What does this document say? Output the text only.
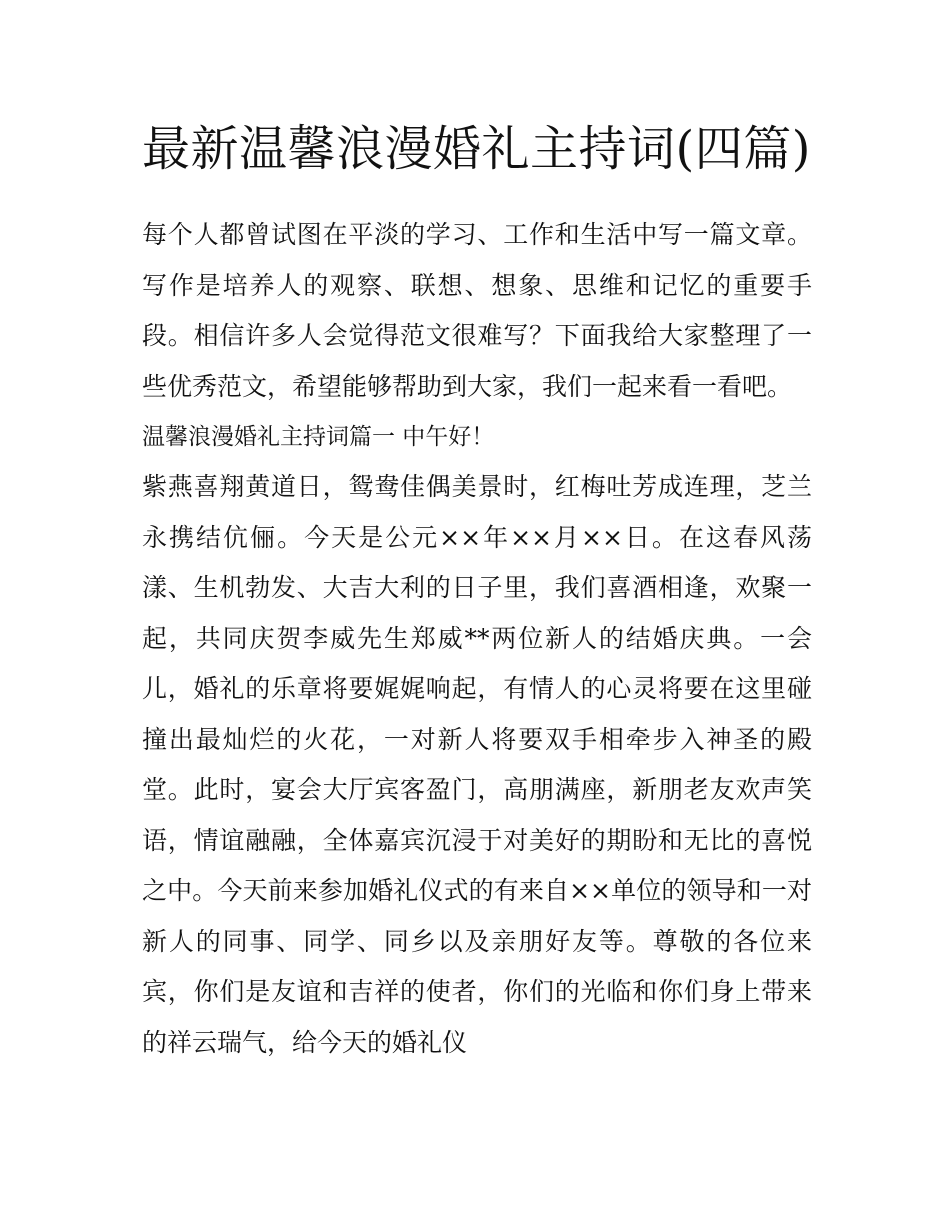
最新温馨浪漫婚礼主持词(四篇)

每个人都曾试图在平淡的学习、工作和生活中写一篇文章。写作是培养人的观察、联想、想象、思维和记忆的重要手段。相信许多人会觉得范文很难写？下面我给大家整理了一些优秀范文，希望能够帮助到大家，我们一起来看一看吧。

温馨浪漫婚礼主持词篇一 中午好！

紫燕喜翔黄道日，鸳鸯佳偶美景时，红梅吐芳成连理，芝兰永携结伉俪。今天是公元××年××月××日。在这春风荡漾、生机勃发、大吉大利的日子里，我们喜酒相逢，欢聚一起，共同庆贺李威先生郑威**两位新人的结婚庆典。一会儿，婚礼的乐章将要娓娓响起，有情人的心灵将要在这里碰撞出最灿烂的火花，一对新人将要双手相牵步入神圣的殿堂。此时，宴会大厅宾客盈门，高朋满座，新朋老友欢声笑语，情谊融融，全体嘉宾沉浸于对美好的期盼和无比的喜悦之中。今天前来参加婚礼仪式的有来自××单位的领导和一对新人的同事、同学、同乡以及亲朋好友等。尊敬的各位来宾，你们是友谊和吉祥的使者，你们的光临和你们身上带来的祥云瑞气，给今天的婚礼仪
